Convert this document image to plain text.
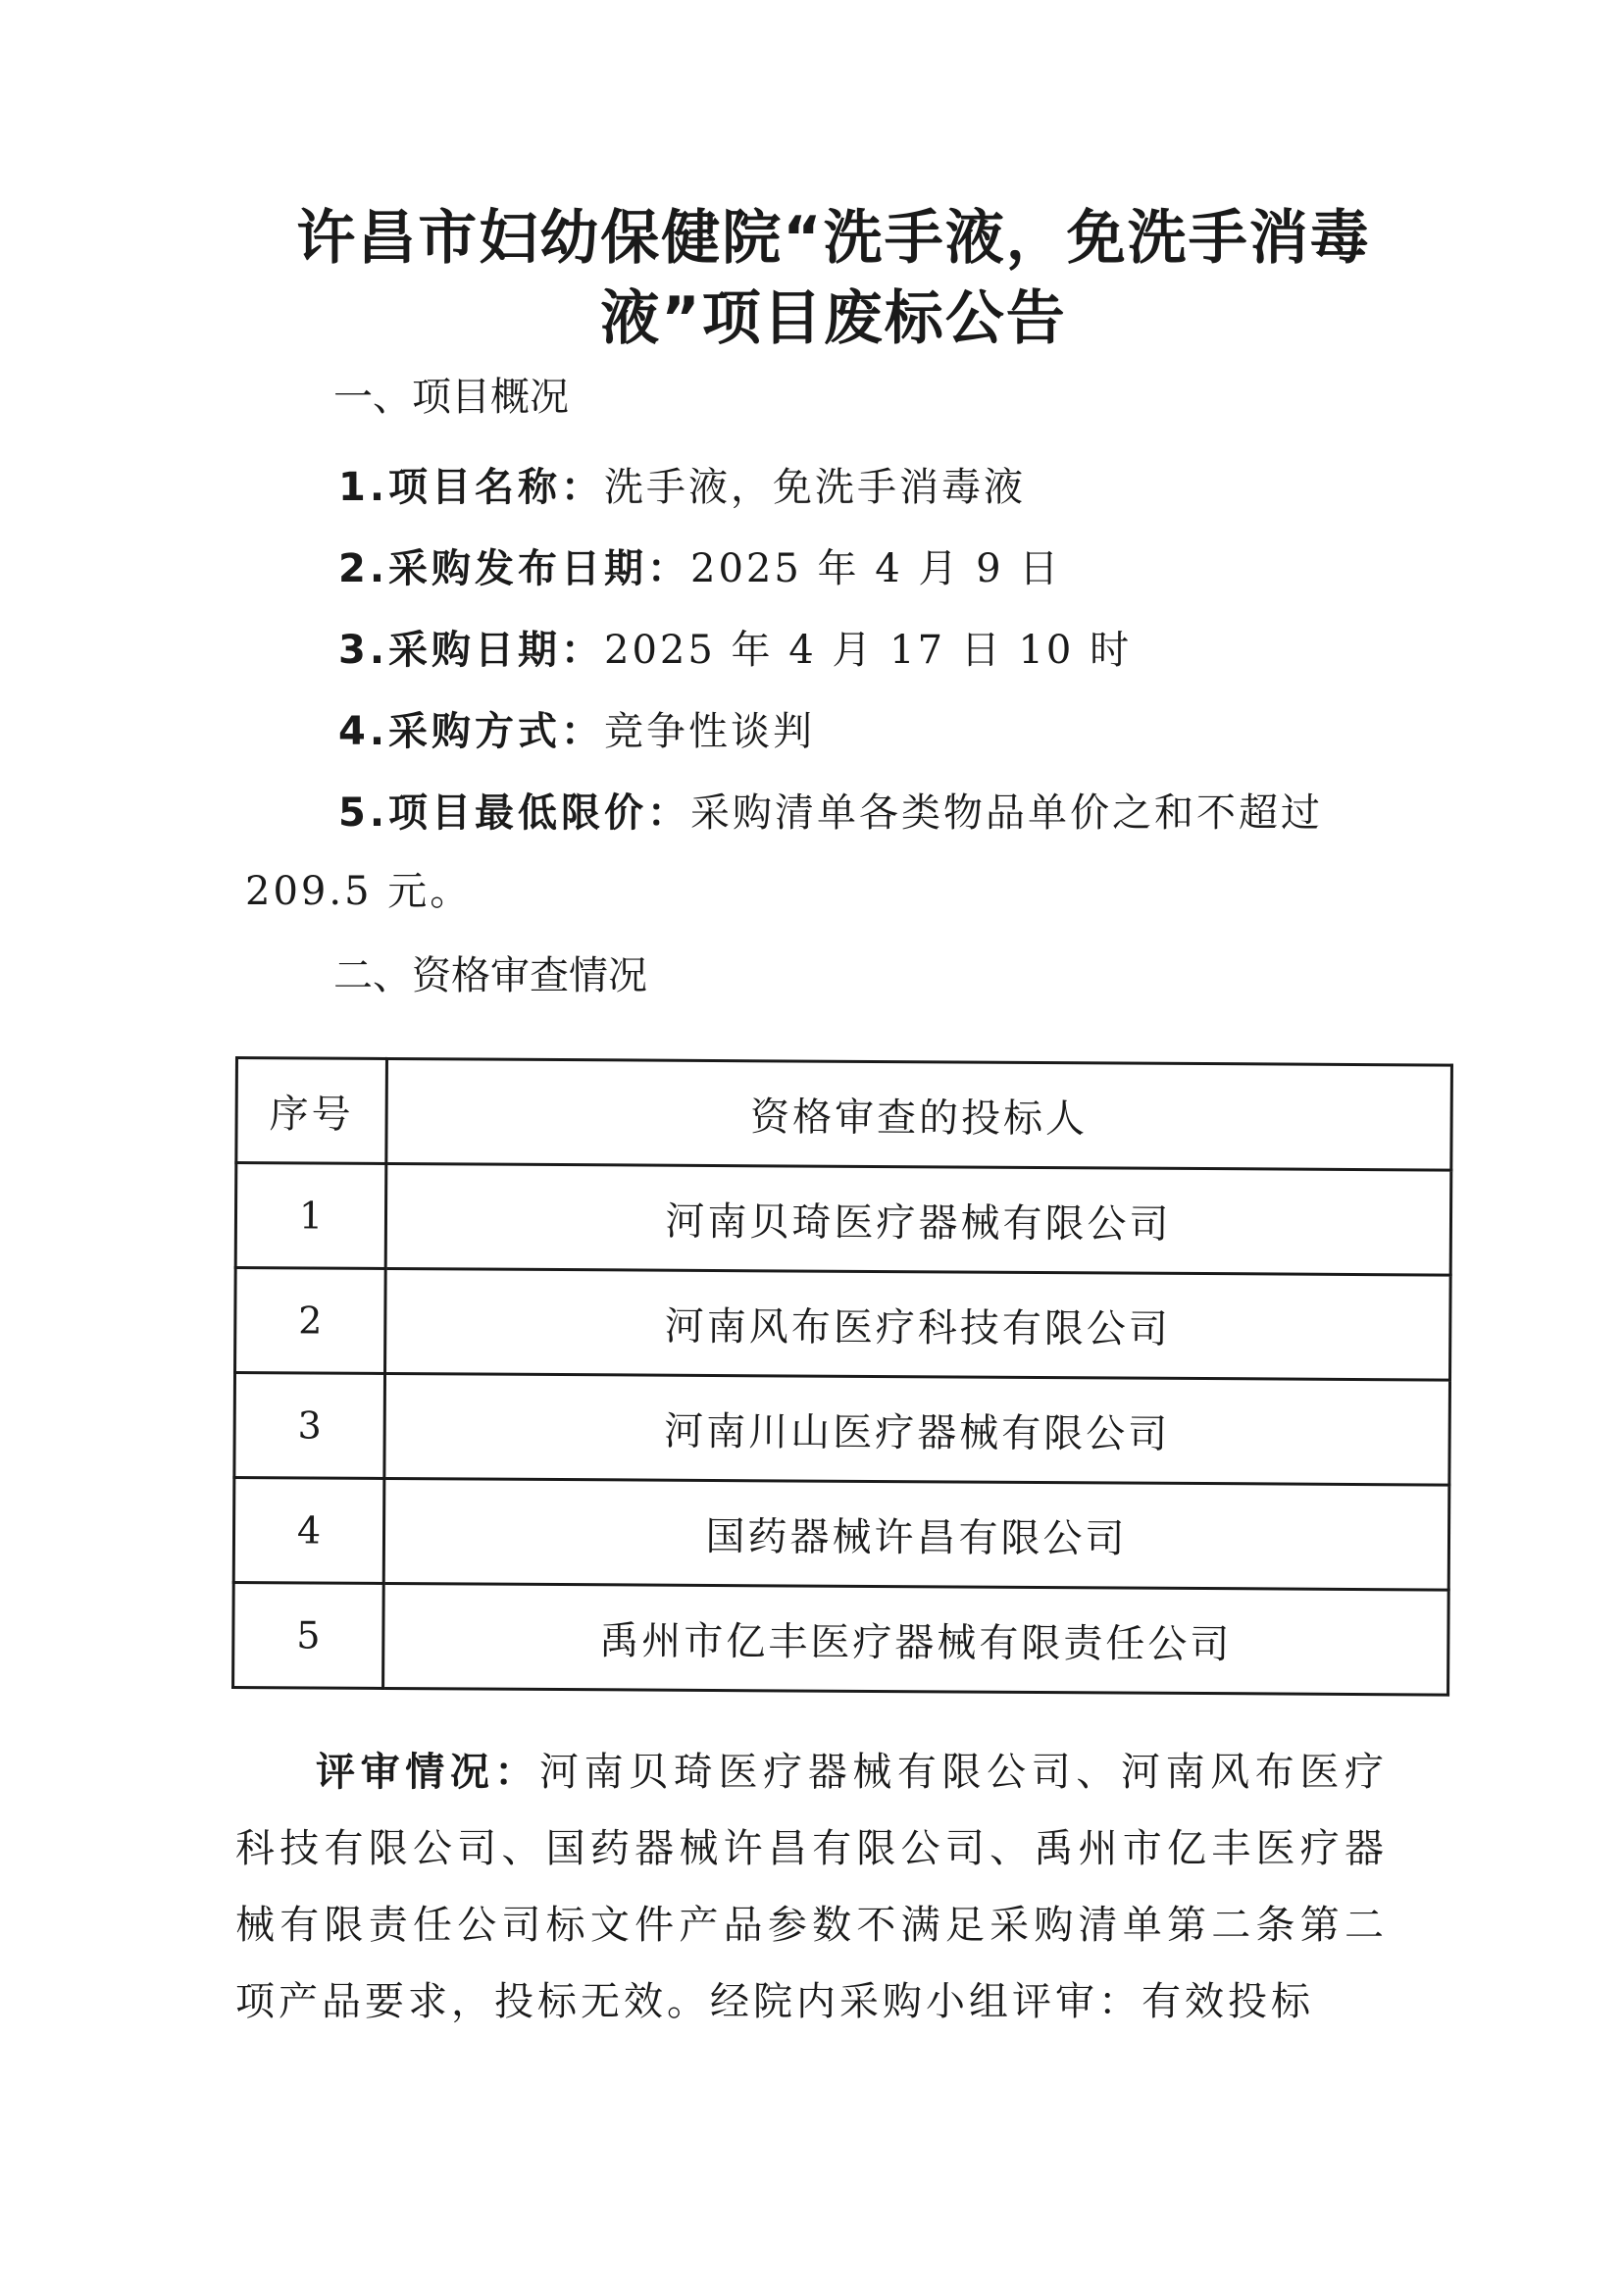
许昌市妇幼保健院“洗手液，免洗手消毒
液”项目废标公告
一、项目概况
1.项目名称：洗手液，免洗手消毒液
2.采购发布日期：2025 年 4 月 9 日
3.采购日期：2025 年 4 月 17 日 10 时
4.采购方式：竞争性谈判
5.项目最低限价：采购清单各类物品单价之和不超过
209.5 元。
二、资格审查情况
序号	资格审查的投标人
1	河南贝琦医疗器械有限公司
2	河南风布医疗科技有限公司
3	河南川山医疗器械有限公司
4	国药器械许昌有限公司
5	禹州市亿丰医疗器械有限责任公司

评审情况：河南贝琦医疗器械有限公司、河南风布医疗科技有限公司、国药器械许昌有限公司、禹州市亿丰医疗器械有限责任公司标文件产品参数不满足采购清单第二条第二项产品要求，投标无效。经院内采购小组评审：有效投标
